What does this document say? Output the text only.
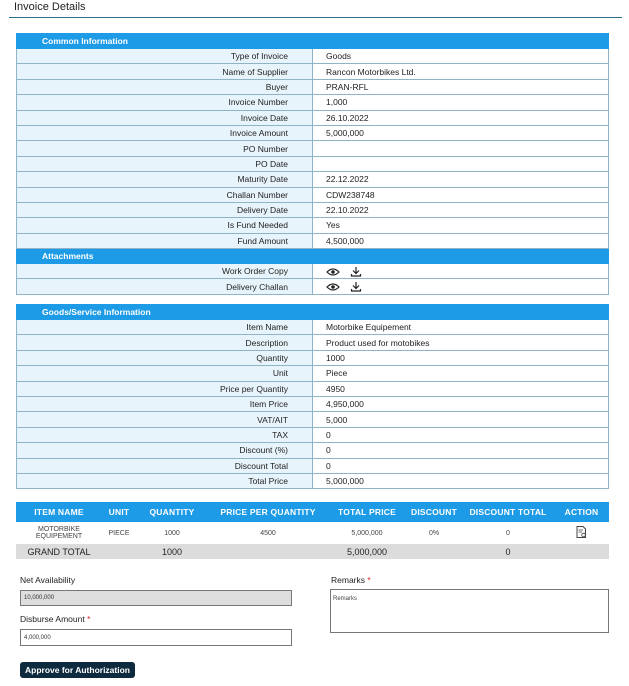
Invoice Details
Common Information	
Type of Invoice	Goods
Name of Supplier	Rancon Motorbikes Ltd.
Buyer	PRAN-RFL
Invoice Number	1,000
Invoice Date	26.10.2022
Invoice Amount	5,000,000
PO Number	
PO Date	
Maturity Date	22.12.2022
Challan Number	CDW238748
Delivery Date	22.10.2022
Is Fund Needed	Yes
Fund Amount	4,500,000
Attachments	
Work Order Copy	
Delivery Challan	
Goods/Service Information	
Item Name	Motorbike Equipement
Description	Product used for motobikes
Quantity	1000
Unit	Piece
Price per Quantity	4950
Item Price	4,950,000
VAT/AIT	5,000
TAX	0
Discount (%)	0
Discount Total	0
Total Price	5,000,000
ITEM NAME	UNIT	QUANTITY	PRICE PER QUANTITY	TOTAL PRICE	DISCOUNT	DISCOUNT TOTAL	ACTION
MOTORBIKE EQUIPEMENT	PIECE	1000	4500	5,000,000	0%	0	
GRAND TOTAL		1000		5,000,000		0	
Net Availability
10,000,000
Disburse Amount *
4,000,000
Remarks *
Remarks
Approve for Authorization
